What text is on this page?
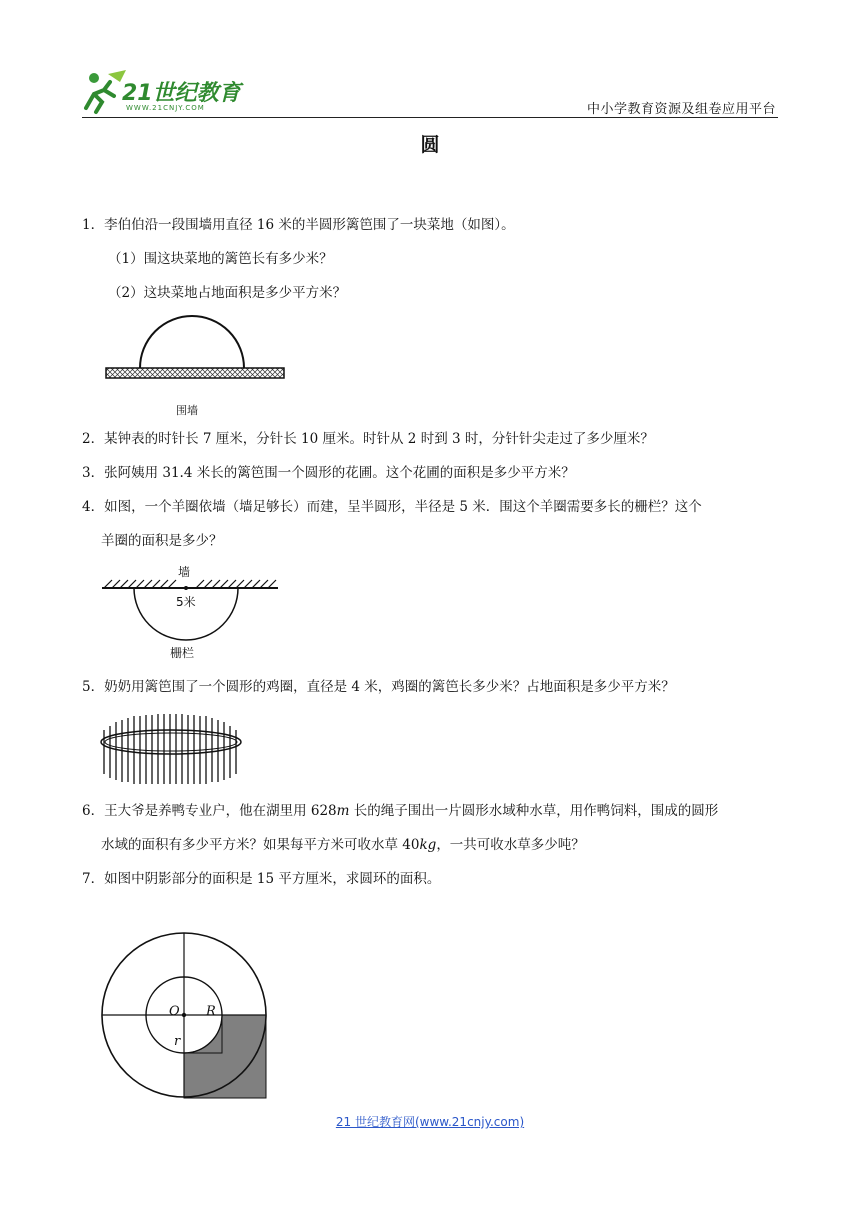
21世纪教育
WWW.21CNJY.COM	中小学教育资源及组卷应用平台
圆
1．李伯伯沿一段围墙用直径 16 米的半圆形篱笆围了一块菜地（如图）。
（1）围这块菜地的篱笆长有多少米？
（2）这块菜地占地面积是多少平方米？
围墙
2．某钟表的时针长 7 厘米，分针长 10 厘米。时针从 2 时到 3 时，分针针尖走过了多少厘米？
3．张阿姨用 31.4 米长的篱笆围一个圆形的花圃。这个花圃的面积是多少平方米？
4．如图，一个羊圈依墙（墙足够长）而建，呈半圆形，半径是 5 米．围这个羊圈需要多长的栅栏？这个
羊圈的面积是多少？
墙
5米
栅栏
5．奶奶用篱笆围了一个圆形的鸡圈，直径是 4 米，鸡圈的篱笆长多少米？占地面积是多少平方米？
6．王大爷是养鸭专业户，他在湖里用 628m 长的绳子围出一片圆形水域种水草，用作鸭饲料，围成的圆形
水域的面积有多少平方米？如果每平方米可收水草 40kg，一共可收水草多少吨？
7．如图中阴影部分的面积是 15 平方厘米，求圆环的面积。
O R
r
21 世纪教育网(www.21cnjy.com)
